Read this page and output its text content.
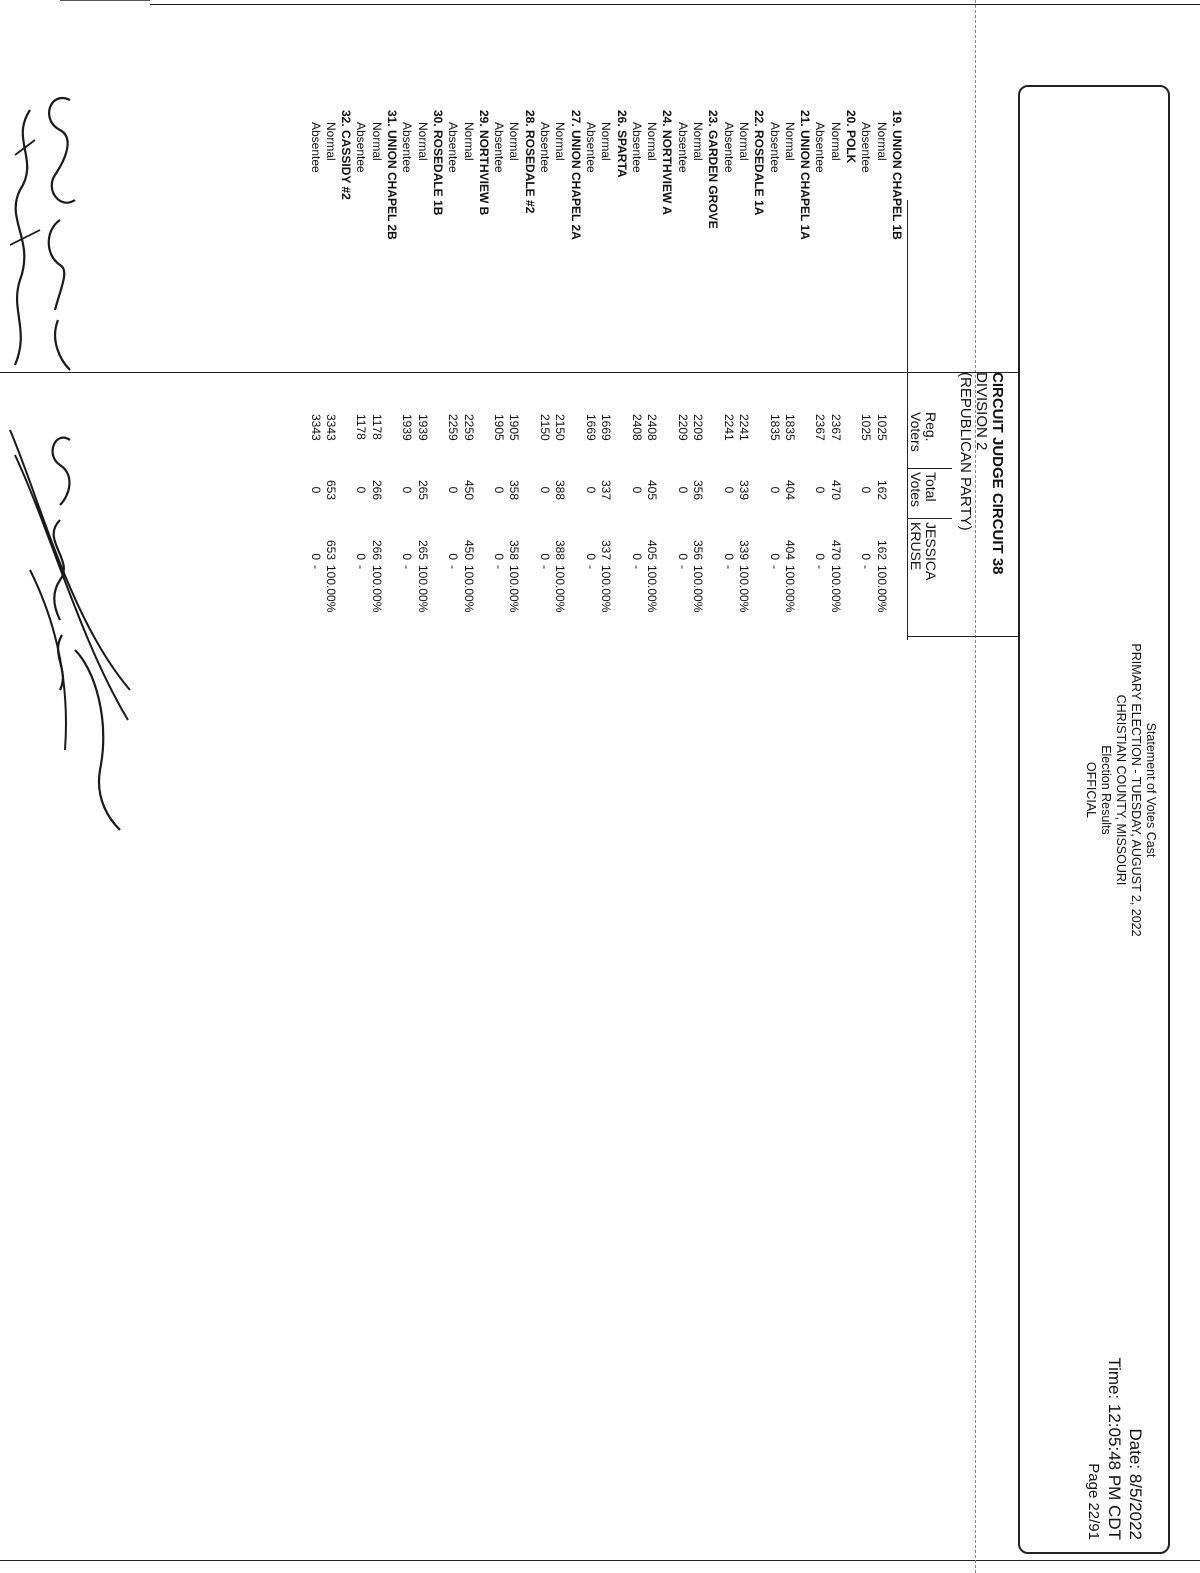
Statement of Votes Cast
PRIMARY ELECTION - TUESDAY, AUGUST 2, 2022
CHRISTIAN COUNTY, MISSOURI
Election Results
OFFICIAL
Date: 8/5/2022
Time: 12:05:48 PM CDT
Page 22/91
CIRCUIT JUDGE CIRCUIT 38
DIVISION 2
(REPUBLICAN PARTY)
Reg.
Voters
Total
Votes
JESSICA
KRUSE
19. UNION CHAPEL 1B
Normal
1025
162
162
100.00%
Absentee
1025
0
0
-
20. POLK
Normal
2367
470
470
100.00%
Absentee
2367
0
0
-
21. UNION CHAPEL 1A
Normal
1835
404
404
100.00%
Absentee
1835
0
0
-
22. ROSEDALE 1A
Normal
2241
339
339
100.00%
Absentee
2241
0
0
-
23. GARDEN GROVE
Normal
2209
356
356
100.00%
Absentee
2209
0
0
-
24. NORTHVIEW A
Normal
2408
405
405
100.00%
Absentee
2408
0
0
-
26. SPARTA
Normal
1669
337
337
100.00%
Absentee
1669
0
0
-
27. UNION CHAPEL 2A
Normal
2150
388
388
100.00%
Absentee
2150
0
0
-
28. ROSEDALE #2
Normal
1905
358
358
100.00%
Absentee
1905
0
0
-
29. NORTHVIEW B
Normal
2259
450
450
100.00%
Absentee
2259
0
0
-
30. ROSEDALE 1B
Normal
1939
265
265
100.00%
Absentee
1939
0
0
-
31. UNION CHAPEL 2B
Normal
1178
266
266
100.00%
Absentee
1178
0
0
-
32. CASSIDY #2
Normal
3343
653
653
100.00%
Absentee
3343
0
0
-
